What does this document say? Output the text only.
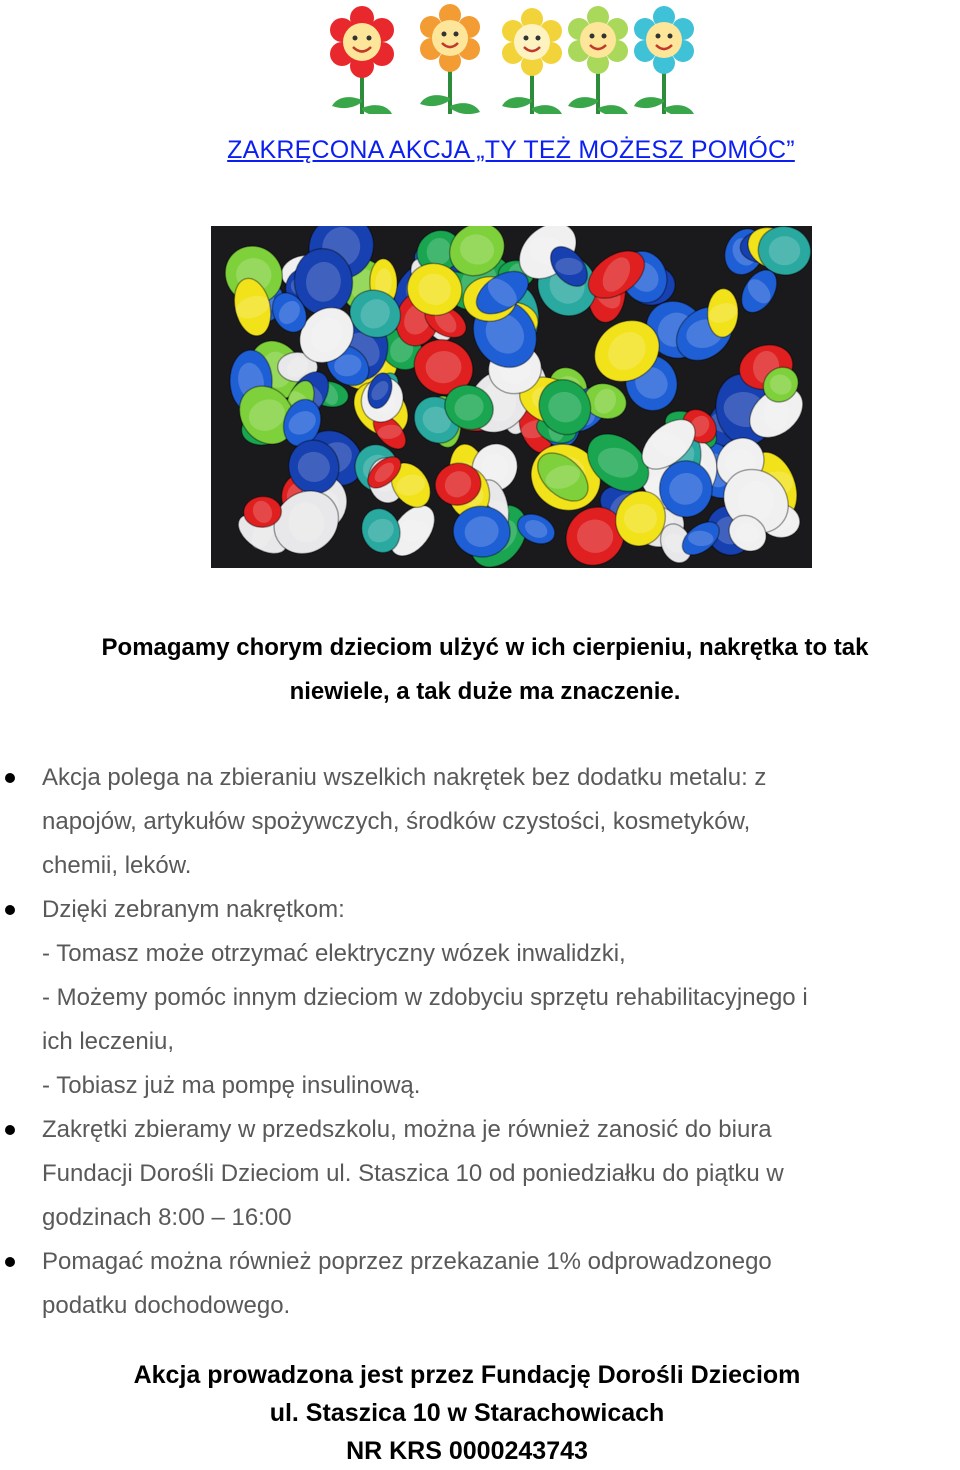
ZAKRĘCONA AKCJA „TY TEŻ MOŻESZ POMÓC”
Pomagamy chorym dzieciom ulżyć w ich cierpieniu, nakrętka to tak
niewiele, a tak duże ma znaczenie.

Akcja polega na zbieraniu wszelkich nakrętek bez dodatku metalu: z

napojów, artykułów spożywczych, środków czystości, kosmetyków,

chemii, leków.

Dzięki zebranym nakrętkom:

- Tomasz może otrzymać elektryczny wózek inwalidzki,

- Możemy pomóc innym dzieciom w zdobyciu sprzętu rehabilitacyjnego i

ich leczeniu,

- Tobiasz już ma pompę insulinową.

Zakrętki zbieramy w przedszkolu, można je również zanosić do biura

Fundacji Dorośli Dzieciom ul. Staszica 10 od poniedziałku do piątku w

godzinach 8:00 – 16:00

Pomagać można również poprzez przekazanie 1% odprowadzonego

podatku dochodowego.

Akcja prowadzona jest przez Fundację Dorośli Dzieciom
ul. Staszica 10 w Starachowicach
NR KRS 0000243743
